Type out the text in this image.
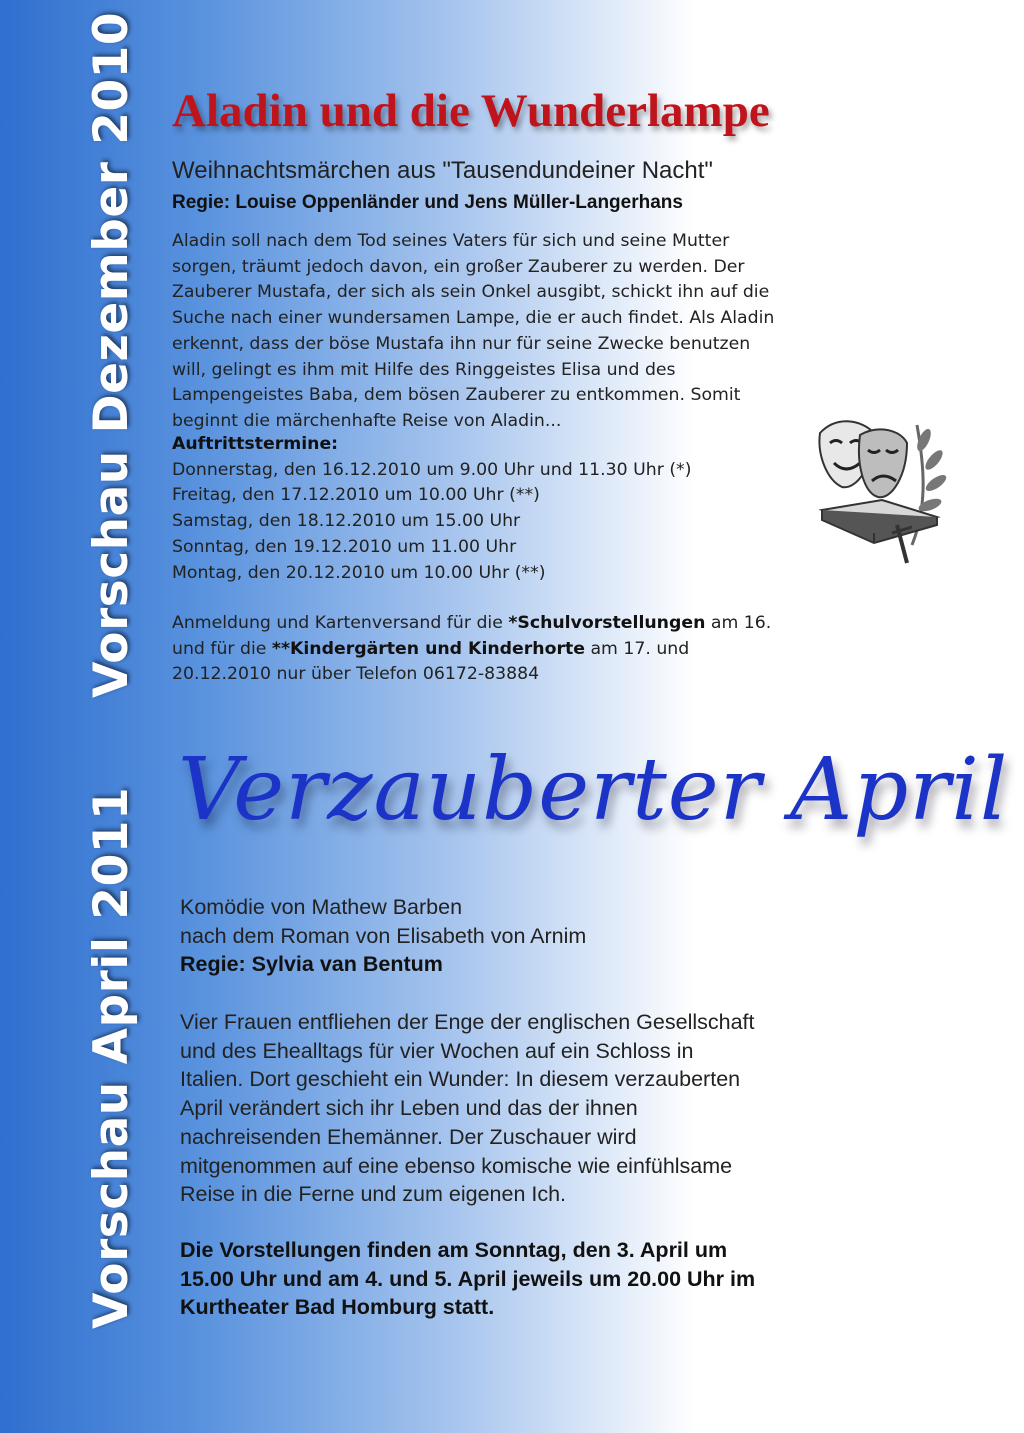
Vorschau Dezember 2010
Vorschau April 2011
Aladin und die Wunderlampe
Weihnachtsmärchen aus "Tausendundeiner Nacht"
Regie: Louise Oppenländer und Jens Müller-Langerhans
Aladin soll nach dem Tod seines Vaters für sich und seine Mutter
sorgen, träumt jedoch davon, ein großer Zauberer zu werden. Der
Zauberer Mustafa, der sich als sein Onkel ausgibt, schickt ihn auf die
Suche nach einer wundersamen Lampe, die er auch findet. Als Aladin
erkennt, dass der böse Mustafa ihn nur für seine Zwecke benutzen
will, gelingt es ihm mit Hilfe des Ringgeistes Elisa und des
Lampengeistes Baba, dem bösen Zauberer zu entkommen. Somit
beginnt die märchenhafte Reise von Aladin...
Auftrittstermine:
Donnerstag, den 16.12.2010 um 9.00 Uhr und 11.30 Uhr (*)
Freitag, den 17.12.2010 um 10.00 Uhr (**)
Samstag, den 18.12.2010 um 15.00 Uhr
Sonntag, den 19.12.2010 um 11.00 Uhr
Montag, den 20.12.2010 um 10.00 Uhr (**)
Anmeldung und Kartenversand für die *Schulvorstellungen am 16.
und für die **Kindergärten und Kinderhorte am 17. und
20.12.2010 nur über Telefon 06172-83884
Verzauberter April
Komödie von Mathew Barben
nach dem Roman von Elisabeth von Arnim
Regie: Sylvia van Bentum
Vier Frauen entfliehen der Enge der englischen Gesellschaft
und des Ehealltags für vier Wochen auf ein Schloss in
Italien. Dort geschieht ein Wunder: In diesem verzauberten
April verändert sich ihr Leben und das der ihnen
nachreisenden Ehemänner. Der Zuschauer wird
mitgenommen auf eine ebenso komische wie einfühlsame
Reise in die Ferne und zum eigenen Ich.
Die Vorstellungen finden am Sonntag, den 3. April um
15.00 Uhr und am 4. und 5. April jeweils um 20.00 Uhr im
Kurtheater Bad Homburg statt.
